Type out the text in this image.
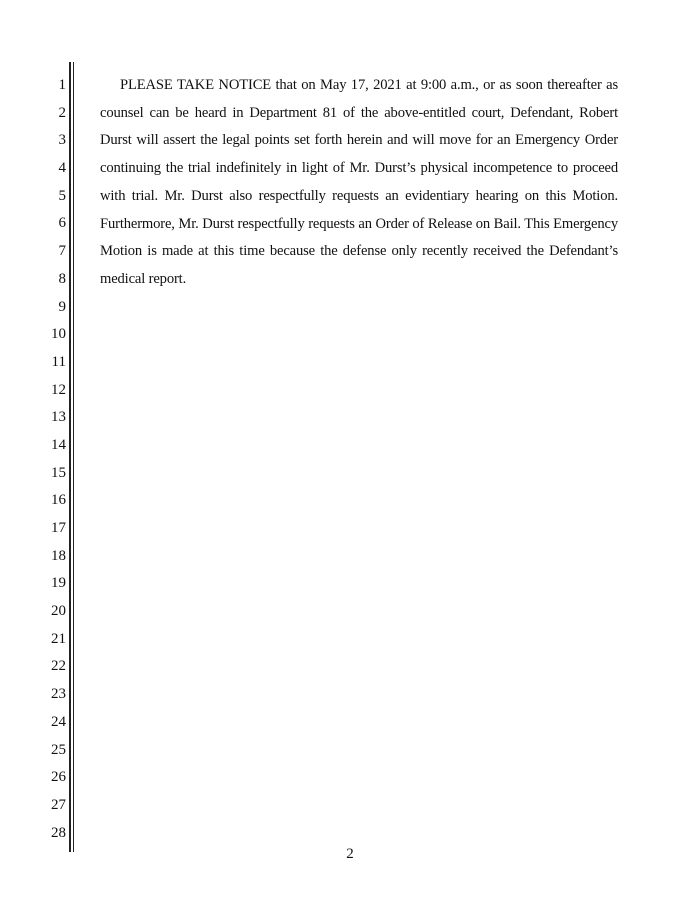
1
2
3
4
5
6
7
8
9
10
11
12
13
14
15
16
17
18
19
20
21
22
23
24
25
26
27
28

PLEASE TAKE NOTICE that on May 17, 2021 at 9:00 a.m., or as soon thereafter as counsel can be heard in Department 81 of the above-entitled court, Defendant, Robert Durst will assert the legal points set forth herein and will move for an Emergency Order continuing the trial indefinitely in light of Mr. Durst’s physical incompetence to proceed with trial. Mr. Durst also respectfully requests an evidentiary hearing on this Motion. Furthermore, Mr. Durst respectfully requests an Order of Release on Bail. This Emergency Motion is made at this time because the defense only recently received the Defendant’s medical report.

2
